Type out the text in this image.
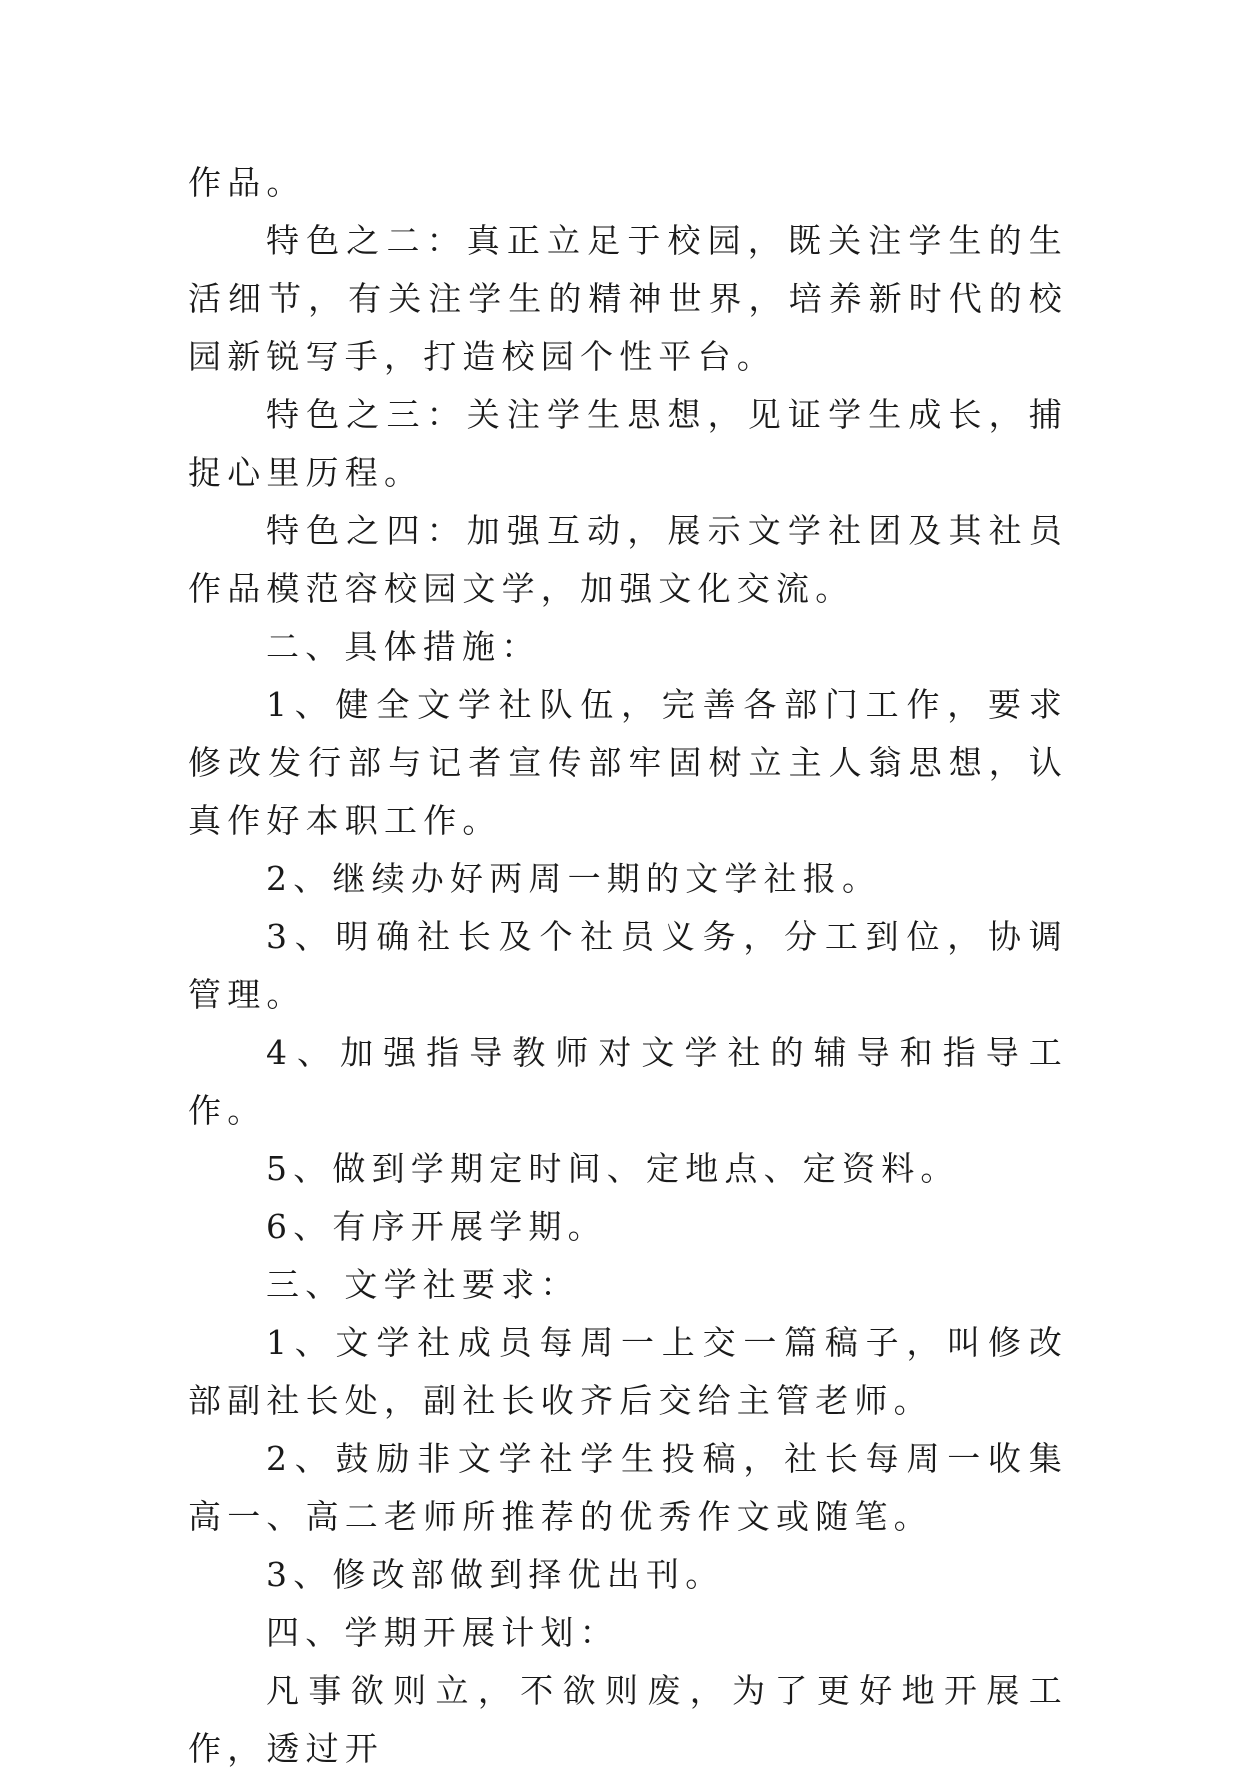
作品。

特色之二：真正立足于校园，既关注学生的生活细节，有关注学生的精神世界，培养新时代的校园新锐写手，打造校园个性平台。

特色之三：关注学生思想，见证学生成长，捕捉心里历程。

特色之四：加强互动，展示文学社团及其社员作品模范容校园文学，加强文化交流。

二、具体措施：

1、健全文学社队伍，完善各部门工作，要求修改发行部与记者宣传部牢固树立主人翁思想，认真作好本职工作。

2、继续办好两周一期的文学社报。

3、明确社长及个社员义务，分工到位，协调管理。

4、加强指导教师对文学社的辅导和指导工作。

5、做到学期定时间、定地点、定资料。

6、有序开展学期。

三、文学社要求：

1、文学社成员每周一上交一篇稿子，叫修改部副社长处，副社长收齐后交给主管老师。

2、鼓励非文学社学生投稿，社长每周一收集高一、高二老师所推荐的优秀作文或随笔。

3、修改部做到择优出刊。

四、学期开展计划：

凡事欲则立，不欲则废，为了更好地开展工作，透过开
